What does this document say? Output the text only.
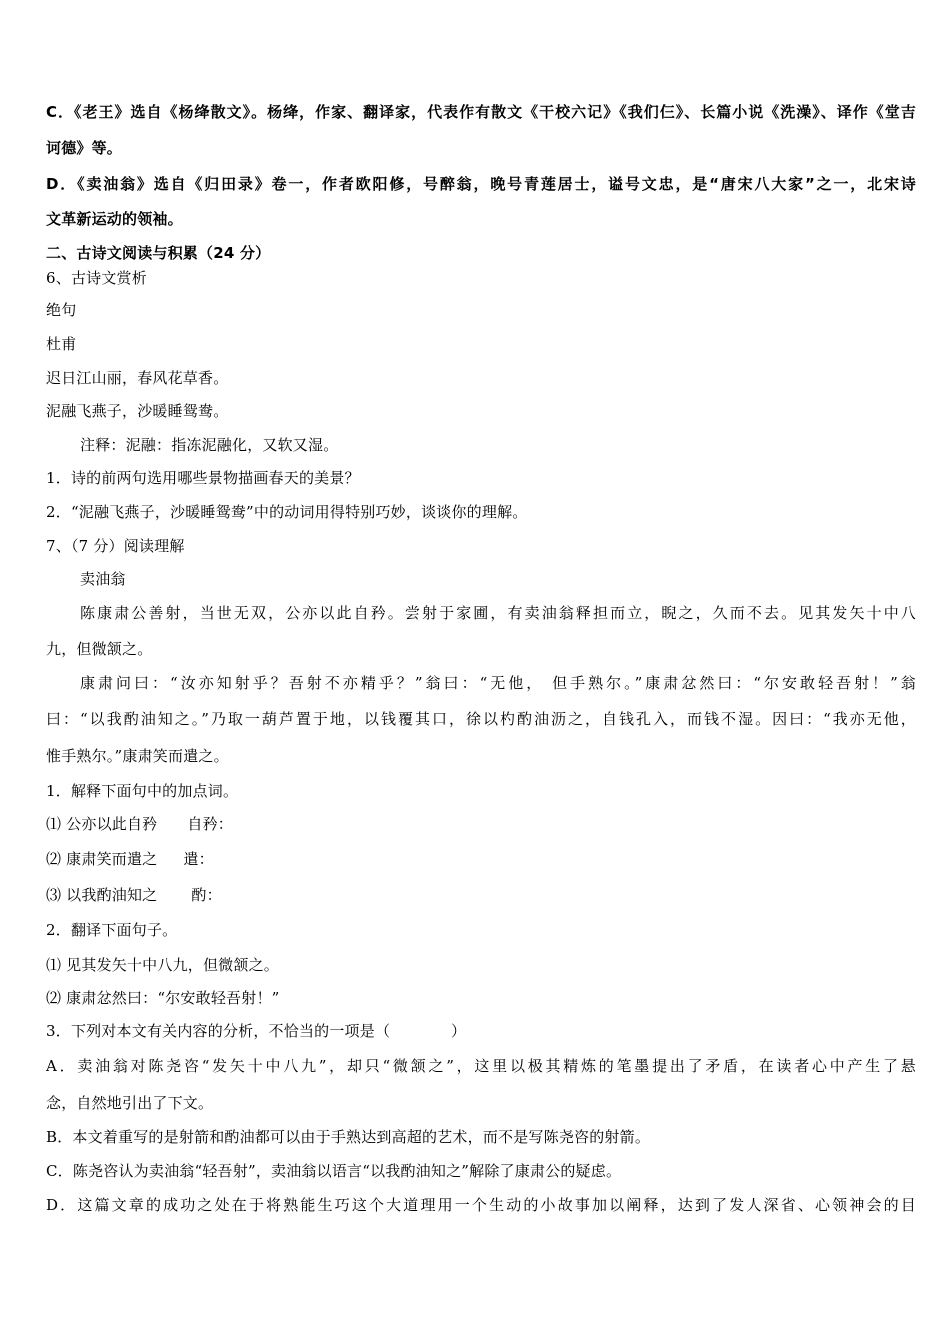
C．《老王》选自《杨绛散文》。杨绛，作家、翻译家，代表作有散文《干校六记》《我们仨》、长篇小说《洗澡》、译作《堂吉
诃德》等。
D．《卖油翁》选自《归田录》卷一，作者欧阳修，号醉翁，晚号青莲居士，谥号文忠，是“唐宋八大家”之一，北宋诗
文革新运动的领袖。
二、古诗文阅读与积累（24 分）
6、古诗文赏析
绝句
杜甫
迟日江山丽，春风花草香。
泥融飞燕子，沙暖睡鸳鸯。
注释：泥融：指冻泥融化，又软又湿。
1．诗的前两句选用哪些景物描画春天的美景？
2．“泥融飞燕子，沙暖睡鸳鸯”中的动词用得特别巧妙，谈谈你的理解。
7、（7 分）阅读理解
卖油翁
陈康肃公善射，当世无双，公亦以此自矜。尝射于家圃，有卖油翁释担而立，睨之，久而不去。见其发矢十中八
九，但微颔之。
康肃问曰：“汝亦知射乎？吾射不亦精乎？”翁曰：“无他， 但手熟尔。”康肃忿然曰：“尔安敢轻吾射！”翁
曰：“以我酌油知之。”乃取一葫芦置于地，以钱覆其口，徐以杓酌油沥之，自钱孔入，而钱不湿。因曰：“我亦无他，
惟手熟尔。”康肃笑而遣之。
1．解释下面句中的加点词。
⑴ 公亦以此自矜 自矜：
⑵ 康肃笑而遣之 遣：
⑶ 以我酌油知之 酌：
2．翻译下面句子。
⑴ 见其发矢十中八九，但微颔之。
⑵ 康肃忿然曰：“尔安敢轻吾射！”
3．下列对本文有关内容的分析，不恰当的一项是（　　　　）
A．卖油翁对陈尧咨“发矢十中八九”，却只“微颔之”，这里以极其精炼的笔墨提出了矛盾，在读者心中产生了悬
念，自然地引出了下文。
B．本文着重写的是射箭和酌油都可以由于手熟达到高超的艺术，而不是写陈尧咨的射箭。
C．陈尧咨认为卖油翁“轻吾射”，卖油翁以语言“以我酌油知之”解除了康肃公的疑虑。
D．这篇文章的成功之处在于将熟能生巧这个大道理用一个生动的小故事加以阐释，达到了发人深省、心领神会的目
